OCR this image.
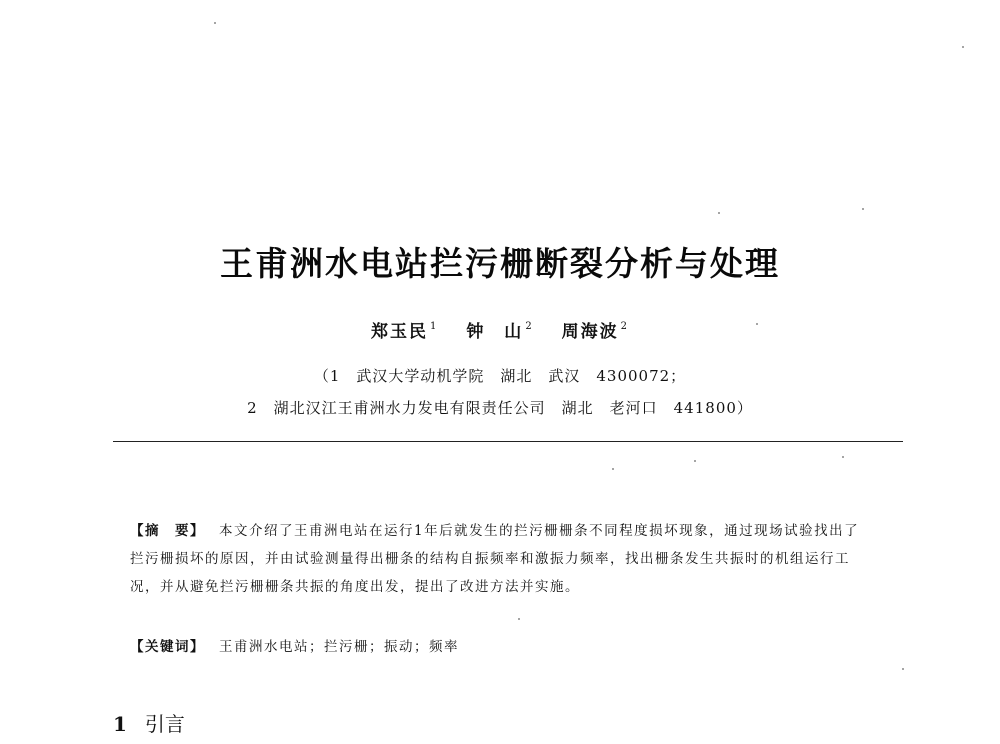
王甫洲水电站拦污栅断裂分析与处理
郑玉民 $^1$ 钟　山 $^2$ 周海波 $^2$
（1　武汉大学动机学院　湖北　武汉　4300072；
2　湖北汉江王甫洲水力发电有限责任公司　湖北　老河口　441800）
【摘　要】 本文介绍了王甫洲电站在运行1年后就发生的拦污栅栅条不同程度损坏现象，通过现场试验找出了拦污栅损坏的原因，并由试验测量得出栅条的结构自振频率和激振力频率，找出栅条发生共振时的机组运行工况，并从避免拦污栅栅条共振的角度出发，提出了改进方法并实施。
【关键词】 王甫洲水电站；拦污栅；振动；频率
1 引言
